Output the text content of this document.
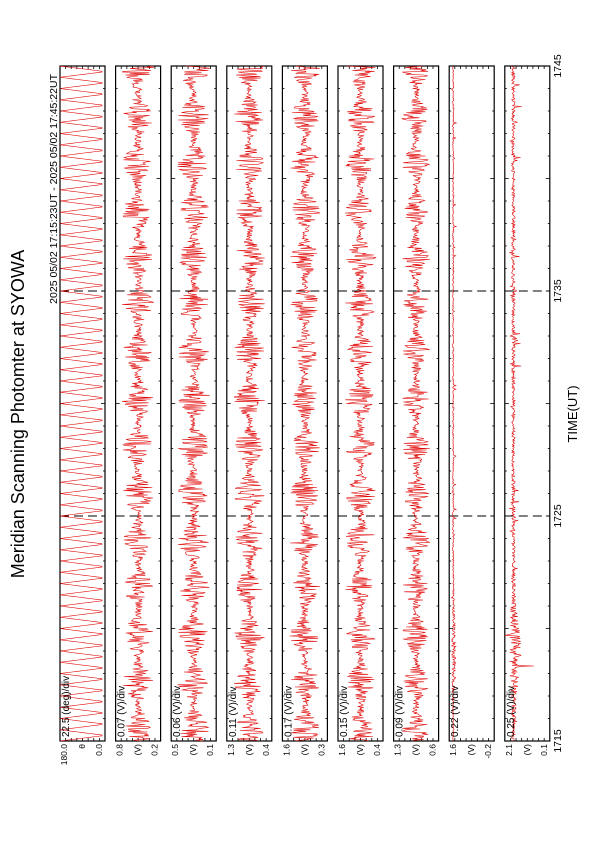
Meridian Scanning Photomter at SYOWA
22.5 (deg)/div
180.0 θ 0.0
0.07 (V)/div
0.8 (V) 0.2
0.06 (V)/div
0.5 (V) 0.1
0.11 (V)/div
1.3 (V) 0.4
0.17 (V)/div
1.6 (V) 0.3
0.15 (V)/div
1.6 (V) 0.4
0.09 (V)/div
1.3 (V) 0.6
0.22 (V)/div
1.6 (V) -0.2
0.25 (V)/div
2.1 (V) 0.1
2025 05/02 17:15:23UT - 2025 05/02 17:45:22UT
1715
1725
1735
1745
TIME(UT)
